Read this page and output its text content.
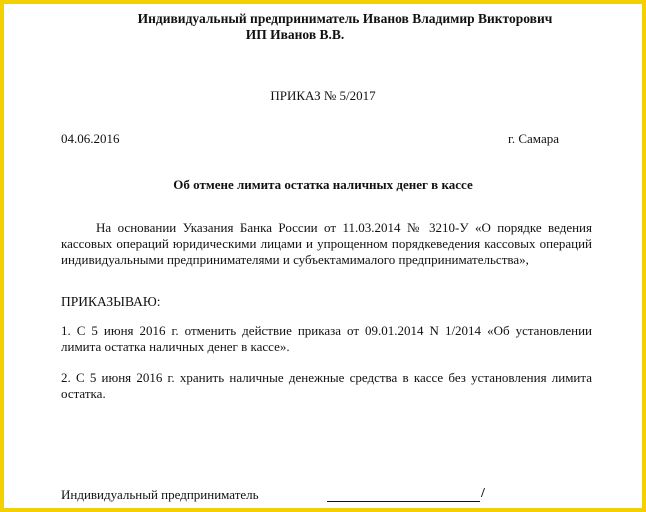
Индивидуальный предприниматель Иванов Владимир Викторович
ИП Иванов В.В.
ПРИКАЗ № 5/2017
04.06.2016	г. Самара
Об отмене лимита остатка наличных денег в кассе
На основании Указания Банка России от 11.03.2014 № 3210-У «О порядке ведения кассовых операций юридическими лицами и упрощенном порядкеведения кассовых операций индивидуальными предпринимателями и субъектамималого предпринимательства»,
ПРИКАЗЫВАЮ:
1. С 5 июня 2016 г. отменить действие приказа от 09.01.2014 N 1/2014 «Об установлении лимита остатка наличных денег в кассе».
2. С 5 июня 2016 г. хранить наличные денежные средства в кассе без установления лимита остатка.
Индивидуальный предприниматель	/
